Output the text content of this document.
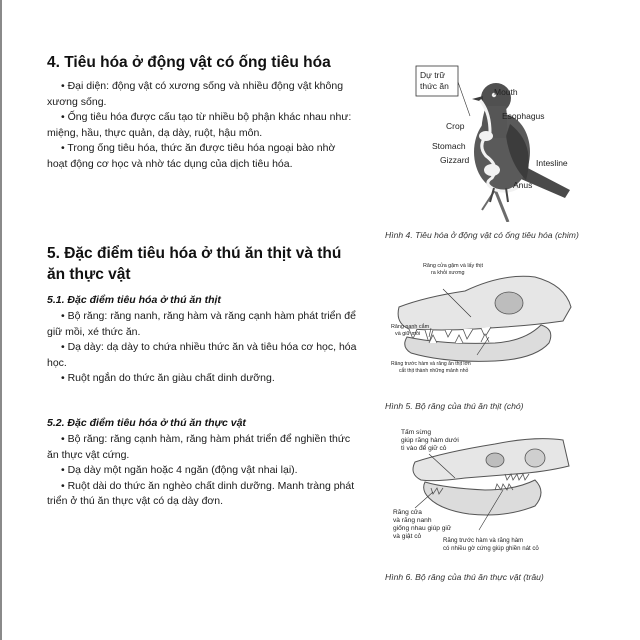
4. Tiêu hóa ở động vật có ống tiêu hóa

• Đại diện: động vật có xương sống và nhiều động vật không xương sống.

• Ống tiêu hóa được cấu tạo từ nhiều bộ phận khác nhau như: miệng, hầu, thực quản, dạ dày, ruột, hậu môn.

• Trong ống tiêu hóa, thức ăn được tiêu hóa ngoại bào nhờ hoạt động cơ học và nhờ tác dụng của dịch tiêu hóa.

5. Đặc điểm tiêu hóa ở thú ăn thịt và thú ăn thực vật
5.1. Đặc điểm tiêu hóa ở thú ăn thịt

• Bộ răng: răng nanh, răng hàm và răng cạnh hàm phát triển để giữ mồi, xé thức ăn.

• Dạ dày: dạ dày to chứa nhiều thức ăn và tiêu hóa cơ học, hóa học.

• Ruột ngắn do thức ăn giàu chất dinh dưỡng.

5.2. Đặc điểm tiêu hóa ở thú ăn thực vật

• Bộ răng: răng cạnh hàm, răng hàm phát triển để nghiền thức ăn thực vật cứng.

• Dạ dày một ngăn hoặc 4 ngăn (động vật nhai lại).

• Ruột dài do thức ăn nghèo chất dinh dưỡng. Manh tràng phát triển ở thú ăn thực vật có dạ dày đơn.

Dự trữ
thức ăn
Mouth
Esophagus
Crop
Stomach
Gizzard	Intesline
Anus
Hình 4. Tiêu hóa ở động vật có ống tiêu hóa (chim)
Răng cửa gặm và lấy thịt
ra khỏi xương
Răng nanh cắm
và giữ mồi
Răng trước hàm và răng ăn thịt lớn
cắt thịt thành những mảnh nhỏ
Hình 5. Bộ răng của thú ăn thịt (chó)
Tấm sừng
giúp răng hàm dưới
tì vào để giữ cỏ
Răng cửa
và răng nanh
giống nhau giúp giữ
và giật cỏ
Răng trước hàm và răng hàm
có nhiều gờ cứng giúp ghiền nát cỏ
Hình 6. Bộ răng của thú ăn thực vật (trâu)
